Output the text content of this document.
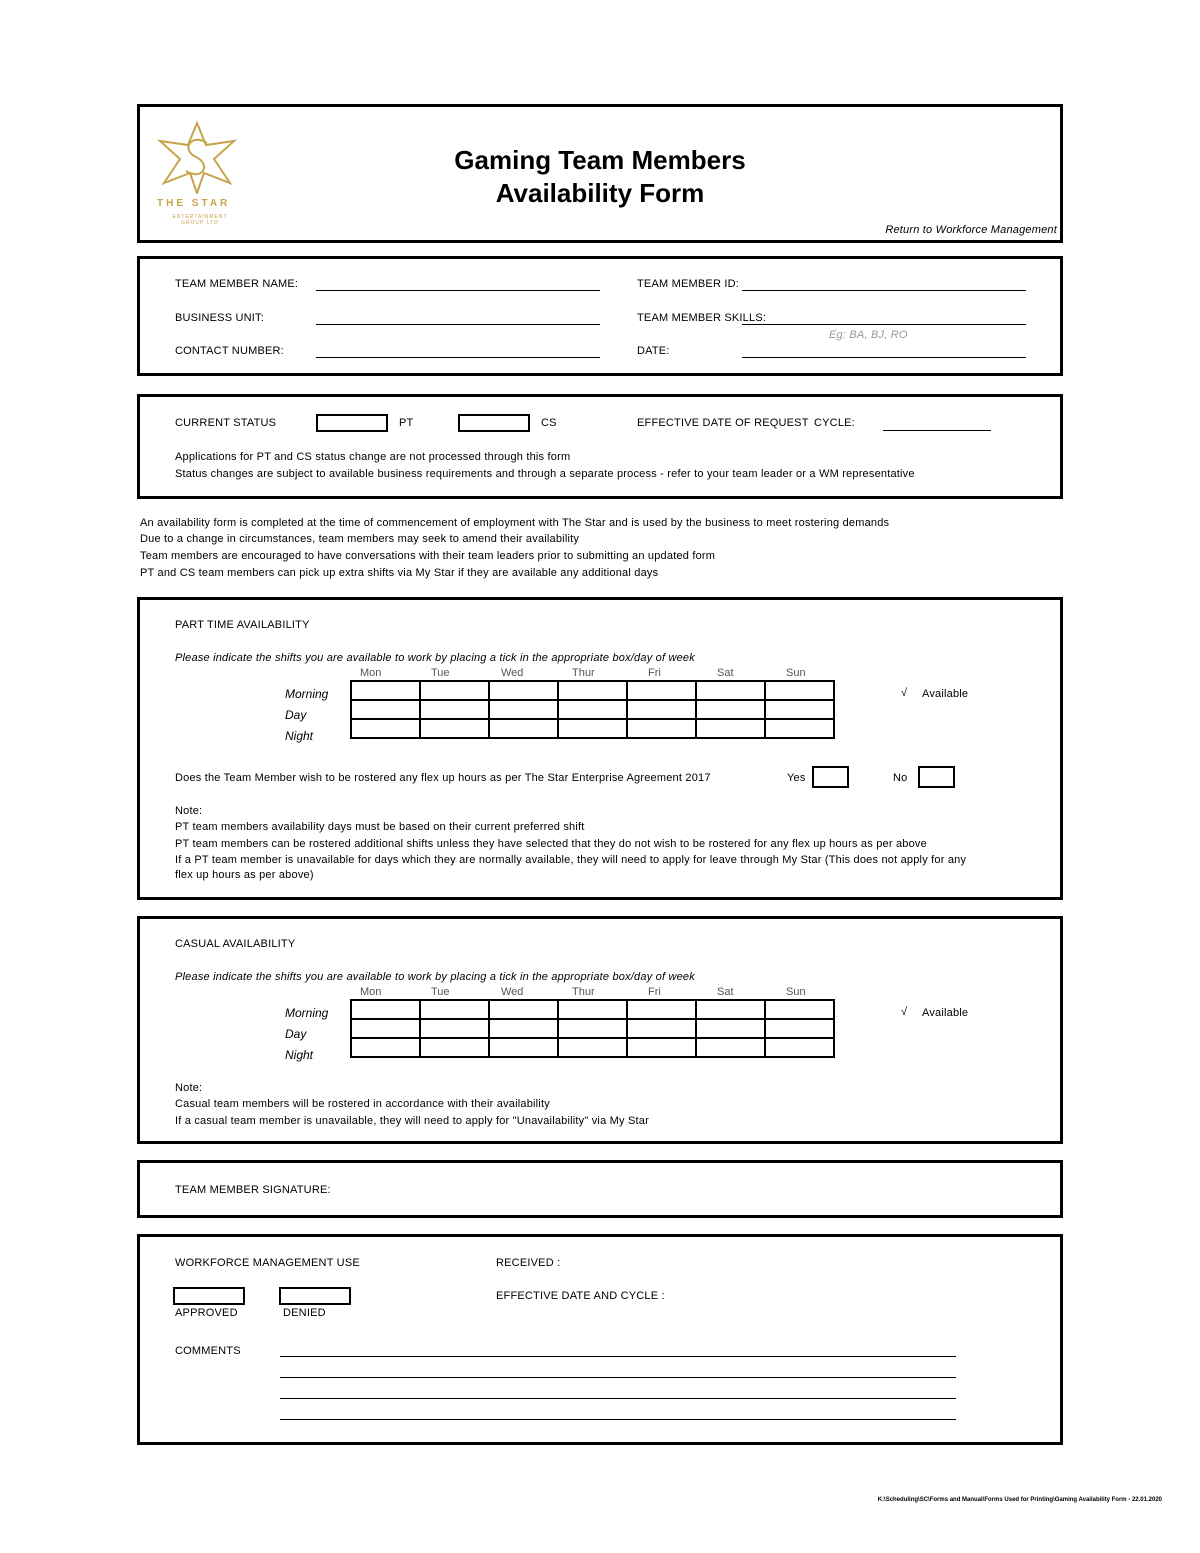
THE STAR
ENTERTAINMENT GROUP LTD
Gaming Team Members
Availability Form
Return to Workforce Management
TEAM MEMBER NAME:	TEAM MEMBER ID:
BUSINESS UNIT:	TEAM MEMBER SKILLS:
Eg: BA, BJ, RO
CONTACT NUMBER:	DATE:
CURRENT STATUS	PT	CS	EFFECTIVE DATE OF REQUEST CYCLE:
Applications for PT and CS status change are not processed through this form
Status changes are subject to available business requirements and through a separate process - refer to your team leader or a WM representative
An availability form is completed at the time of commencement of employment with The Star and is used by the business to meet rostering demands
Due to a change in circumstances, team members may seek to amend their availability
Team members are encouraged to have conversations with their team leaders prior to submitting an updated form
PT and CS team members can pick up extra shifts via My Star if they are available any additional days
PART TIME AVAILABILITY
Please indicate the shifts you are available to work by placing a tick in the appropriate box/day of week
Mon	Tue	Wed	Thur	Fri	Sat	Sun
Morning
Day
Night

√ Available
Does the Team Member wish to be rostered any flex up hours as per The Star Enterprise Agreement 2017	Yes	No
Note:
PT team members availability days must be based on their current preferred shift
PT team members can be rostered additional shifts unless they have selected that they do not wish to be rostered for any flex up hours as per above
If a PT team member is unavailable for days which they are normally available, they will need to apply for leave through My Star (This does not apply for any
flex up hours as per above)
CASUAL AVAILABILITY
Please indicate the shifts you are available to work by placing a tick in the appropriate box/day of week
Mon	Tue	Wed	Thur	Fri	Sat	Sun
Morning
Day
Night

√ Available
Note:
Casual team members will be rostered in accordance with their availability
If a casual team member is unavailable, they will need to apply for "Unavailability" via My Star
TEAM MEMBER SIGNATURE:
WORKFORCE MANAGEMENT USE	RECEIVED :
EFFECTIVE DATE AND CYCLE :
APPROVED	DENIED
COMMENTS
K:\Scheduling\SC\Forms and Manual\Forms Used for Printing\Gaming Availability Form - 22.01.2020
